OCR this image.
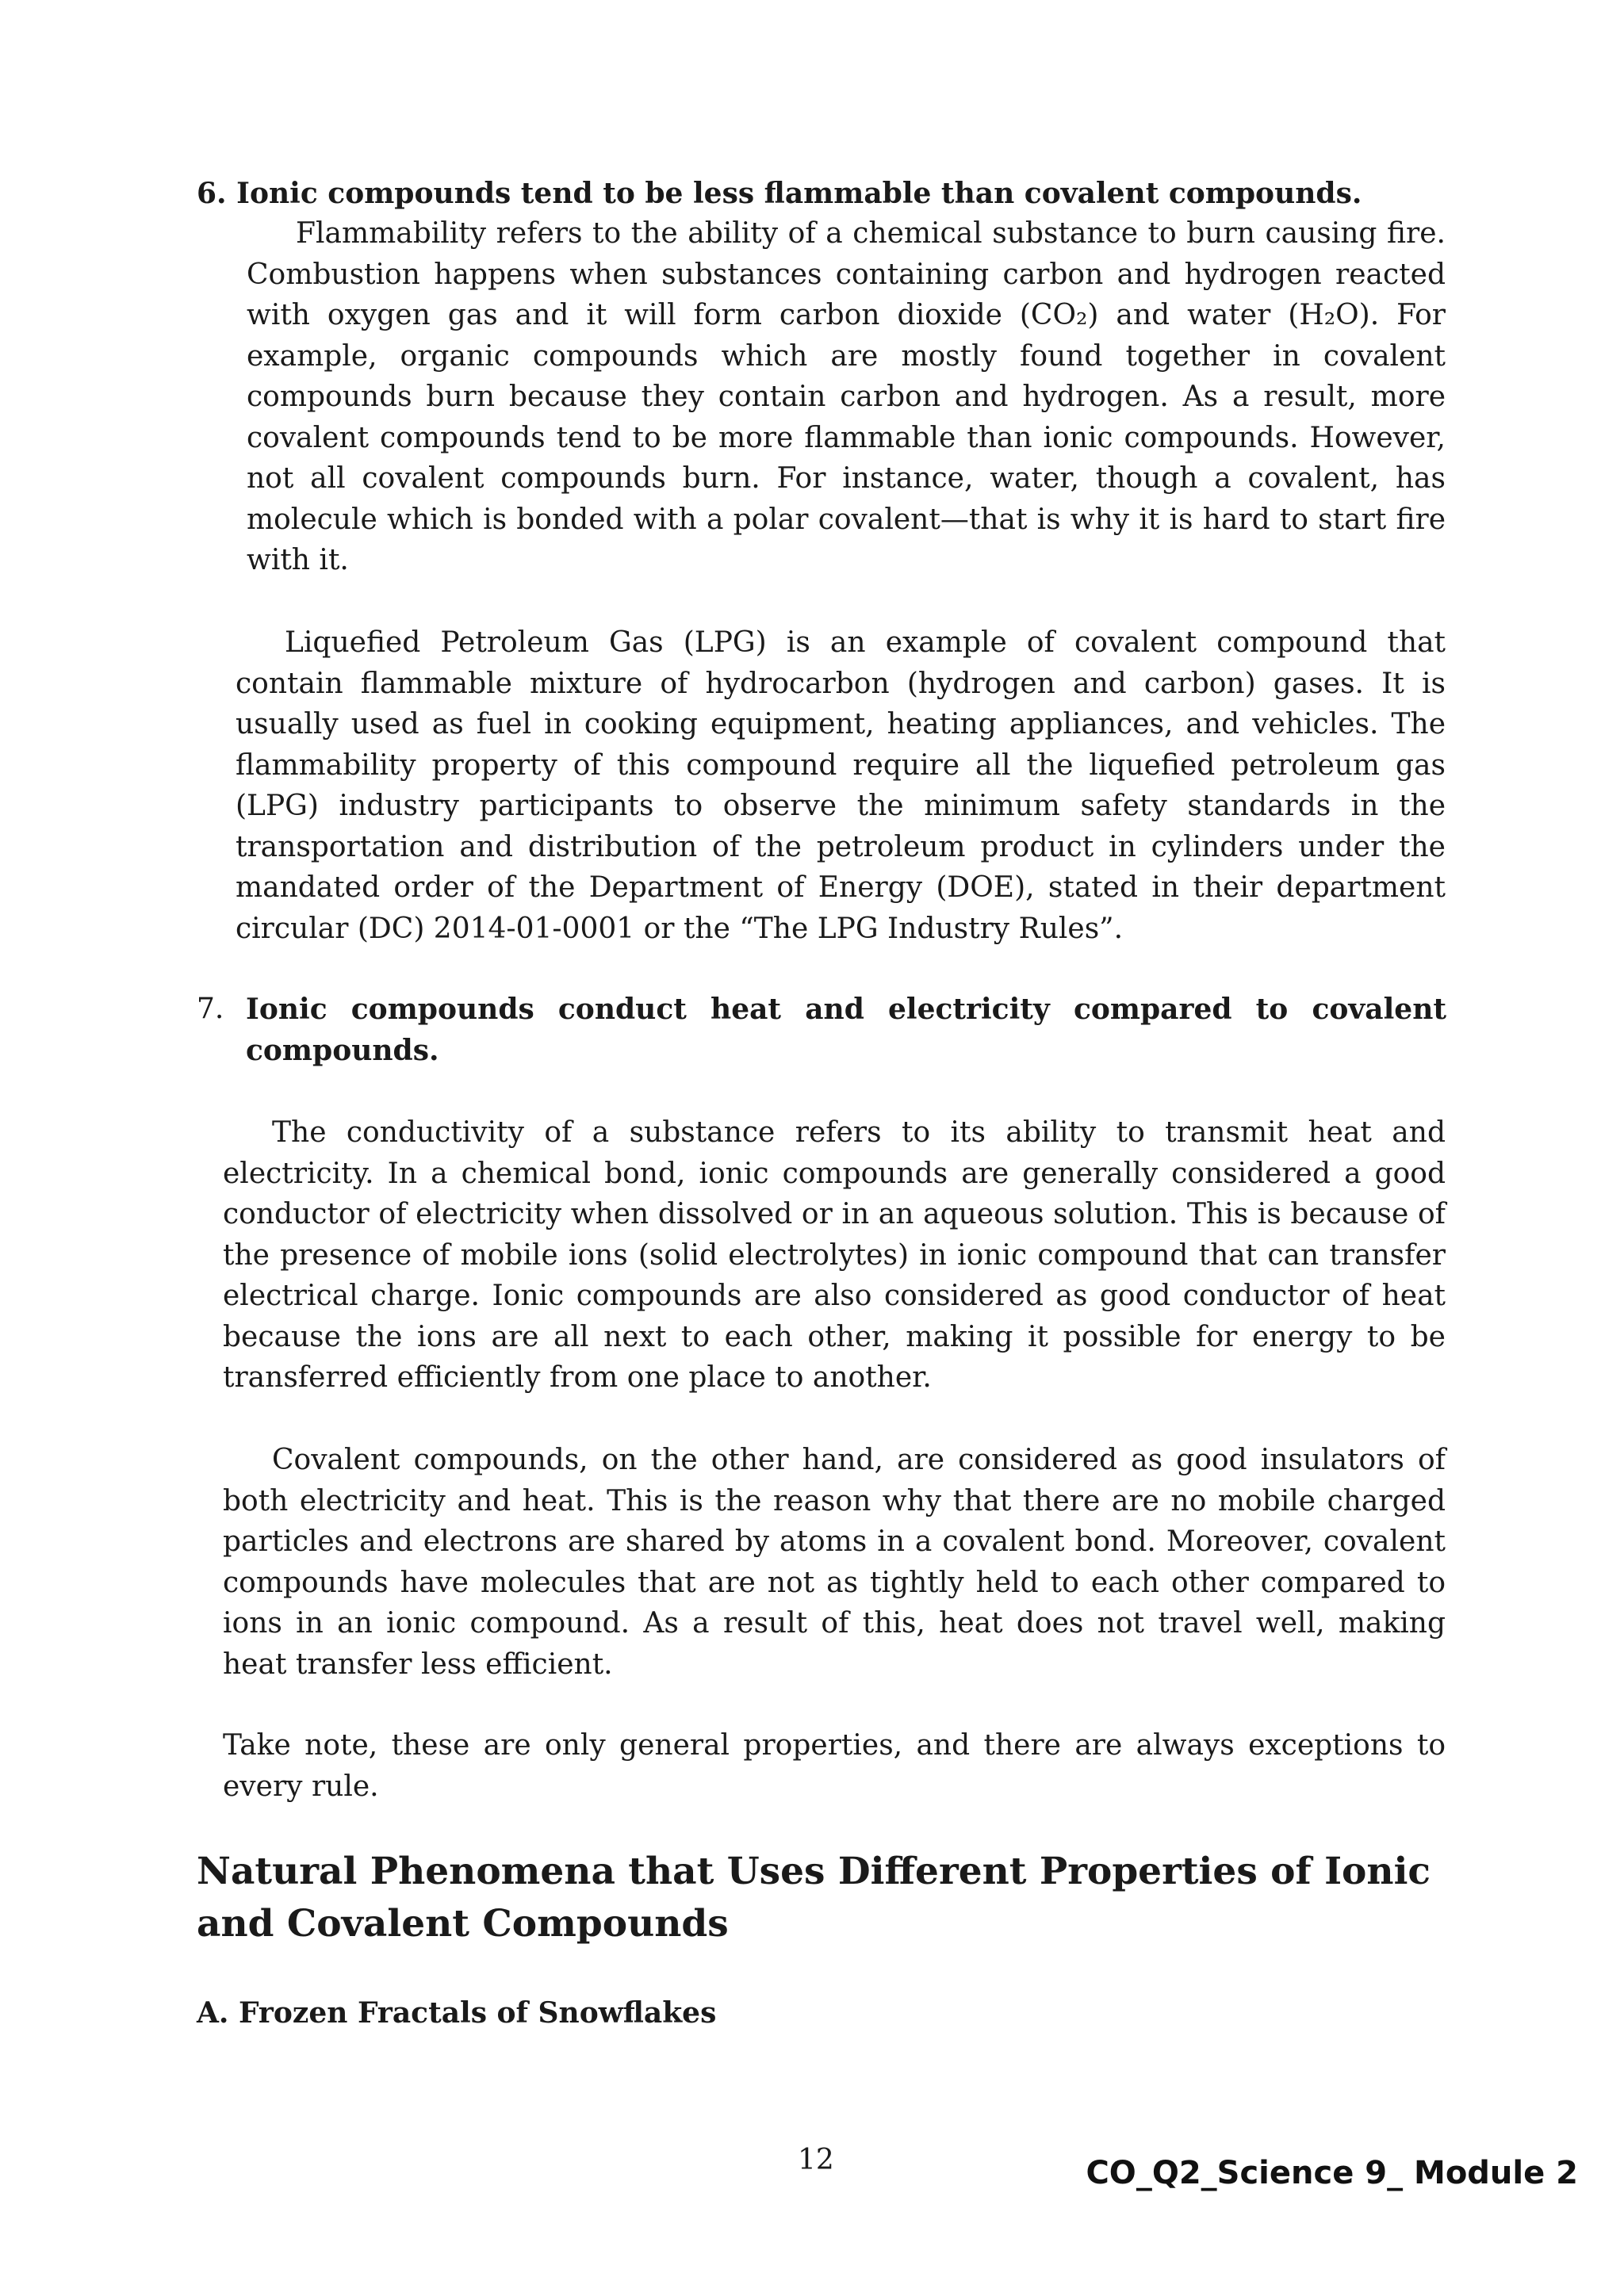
6. Ionic compounds tend to be less flammable than covalent compounds.

Flammability refers to the ability of a chemical substance to burn causing fire. Combustion happens when substances containing carbon and hydrogen reacted with oxygen gas and it will form carbon dioxide (CO₂) and water (H₂O). For example, organic compounds which are mostly found together in covalent compounds burn because they contain carbon and hydrogen. As a result, more covalent compounds tend to be more flammable than ionic compounds. However, not all covalent compounds burn. For instance, water, though a covalent, has molecule which is bonded with a polar covalent—that is why it is hard to start fire with it.

Liquefied Petroleum Gas (LPG) is an example of covalent compound that contain flammable mixture of hydrocarbon (hydrogen and carbon) gases. It is usually used as fuel in cooking equipment, heating appliances, and vehicles. The flammability property of this compound require all the liquefied petroleum gas (LPG) industry participants to observe the minimum safety standards in the transportation and distribution of the petroleum product in cylinders under the mandated order of the Department of Energy (DOE), stated in their department circular (DC) 2014-01-0001 or the “The LPG Industry Rules”.

7. Ionic compounds conduct heat and electricity compared to covalent compounds.

The conductivity of a substance refers to its ability to transmit heat and electricity. In a chemical bond, ionic compounds are generally considered a good conductor of electricity when dissolved or in an aqueous solution. This is because of the presence of mobile ions (solid electrolytes) in ionic compound that can transfer electrical charge. Ionic compounds are also considered as good conductor of heat because the ions are all next to each other, making it possible for energy to be transferred efficiently from one place to another.

Covalent compounds, on the other hand, are considered as good insulators of both electricity and heat. This is the reason why that there are no mobile charged particles and electrons are shared by atoms in a covalent bond. Moreover, covalent compounds have molecules that are not as tightly held to each other compared to ions in an ionic compound. As a result of this, heat does not travel well, making heat transfer less efficient.

Take note, these are only general properties, and there are always exceptions to every rule.

Natural Phenomena that Uses Different Properties of Ionic and Covalent Compounds

A. Frozen Fractals of Snowflakes

12	CO_Q2_Science 9_ Module 2
